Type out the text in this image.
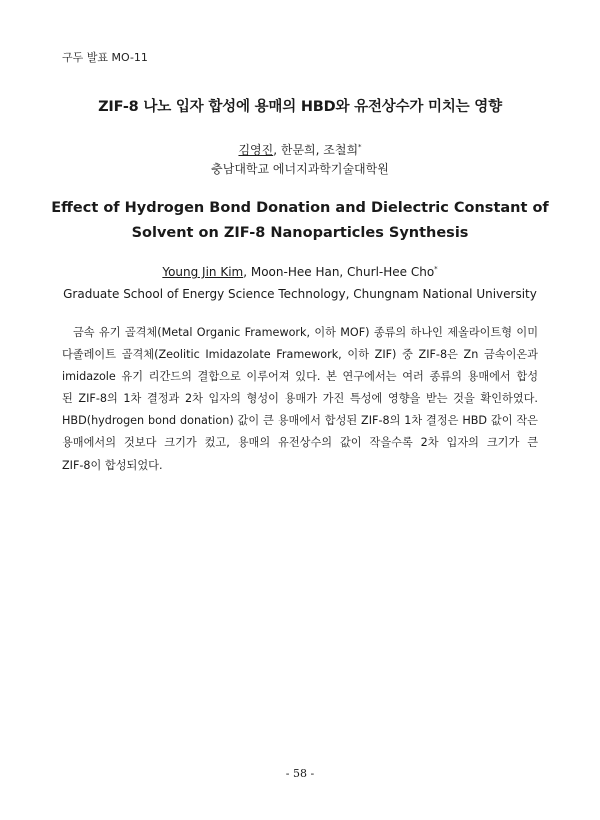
구두 발표 MO-11
ZIF-8 나노 입자 합성에 용매의 HBD와 유전상수가 미치는 영향
김영진, 한문희, 조철희*
충남대학교 에너지과학기술대학원
Effect of Hydrogen Bond Donation and Dielectric Constant of
Solvent on ZIF-8 Nanoparticles Synthesis
Young Jin Kim, Moon-Hee Han, Churl-Hee Cho*
Graduate School of Energy Science Technology, Chungnam National University
금속 유기 골격체(Metal Organic Framework, 이하 MOF) 종류의 하나인 제올라이트형 이미
다졸레이트 골격체(Zeolitic Imidazolate Framework, 이하 ZIF) 중 ZIF-8은 Zn 금속이온과
imidazole 유기 리간드의 결합으로 이루어져 있다. 본 연구에서는 여러 종류의 용매에서 합성
된 ZIF-8의 1차 결정과 2차 입자의 형성이 용매가 가진 특성에 영향을 받는 것을 확인하였다.
HBD(hydrogen bond donation) 값이 큰 용매에서 합성된 ZIF-8의 1차 결정은 HBD 값이 작은
용매에서의 것보다 크기가 컸고, 용매의 유전상수의 값이 작을수록 2차 입자의 크기가 큰
ZIF-8이 합성되었다.
- 58 -
